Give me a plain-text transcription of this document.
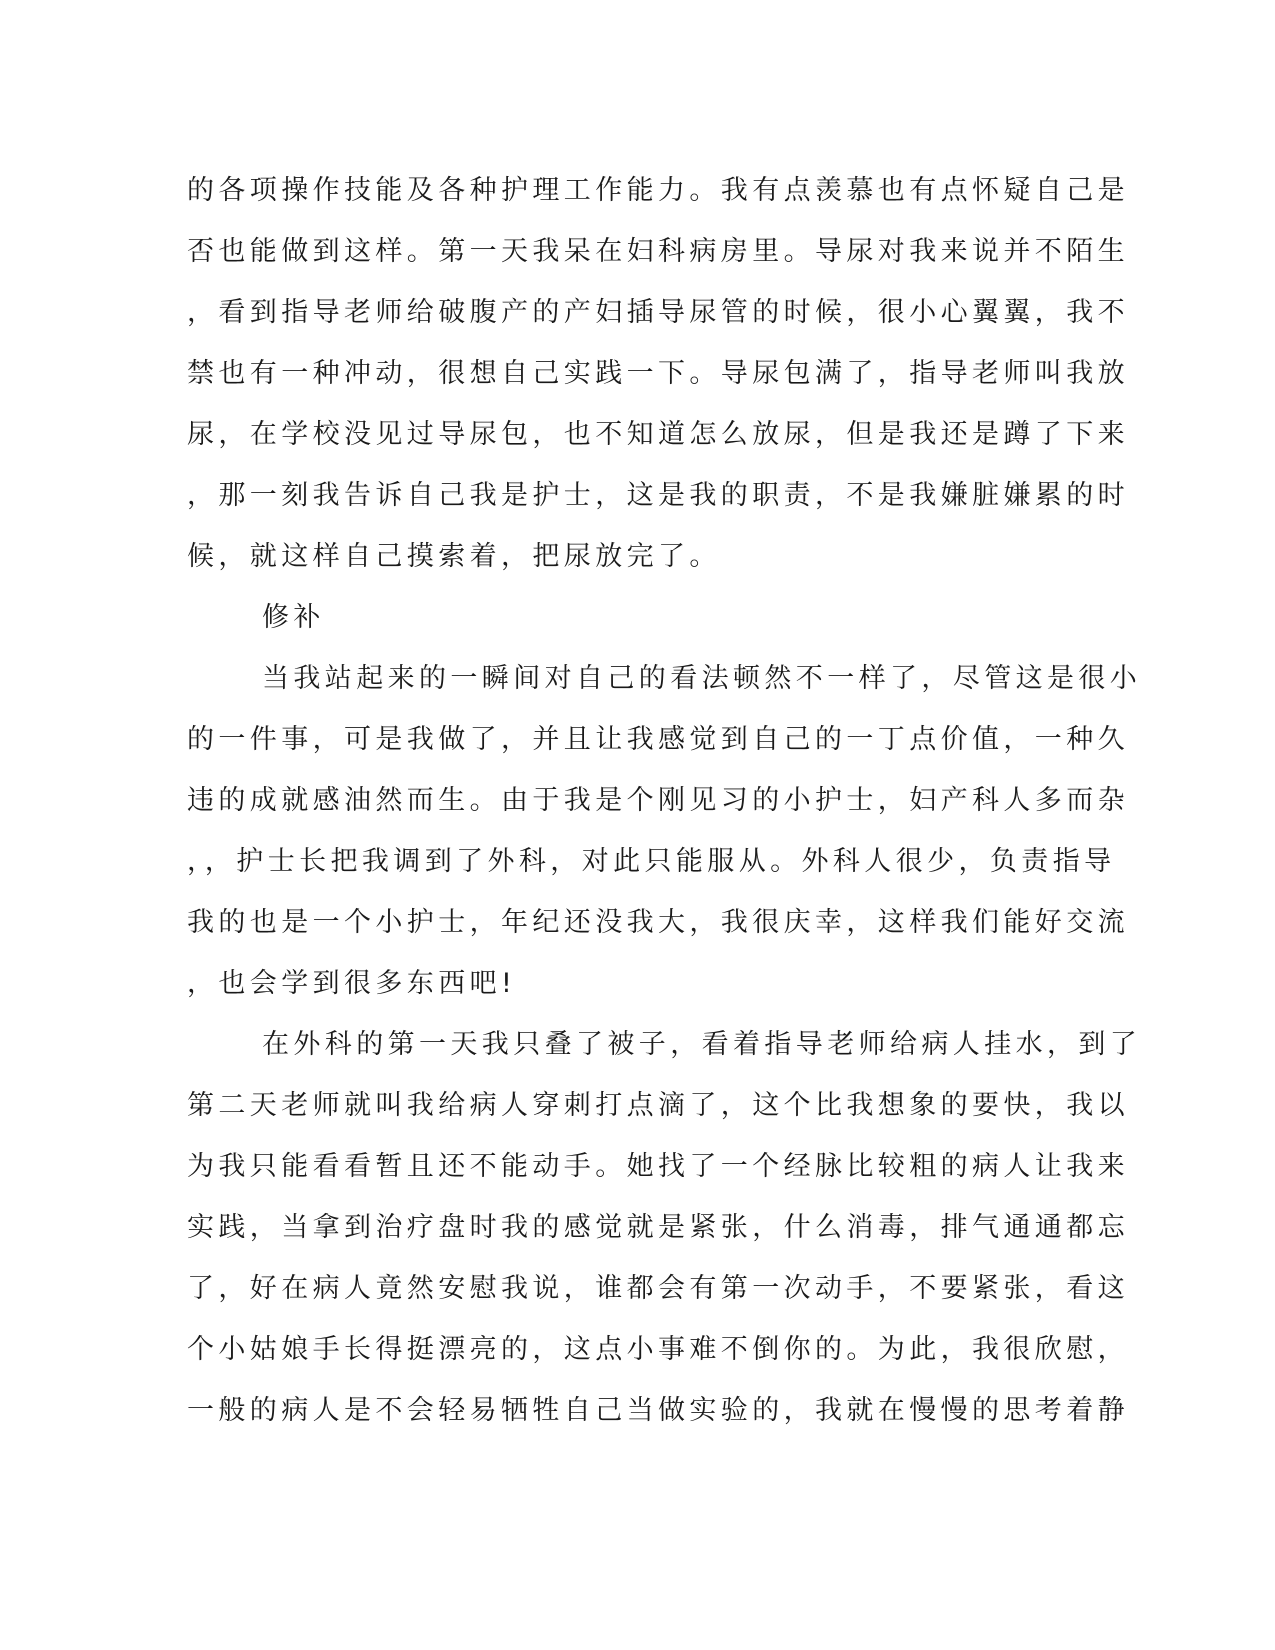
的各项操作技能及各种护理工作能力。我有点羡慕也有点怀疑自己是
否也能做到这样。第一天我呆在妇科病房里。导尿对我来说并不陌生
，看到指导老师给破腹产的产妇插导尿管的时候，很小心翼翼，我不
禁也有一种冲动，很想自己实践一下。导尿包满了，指导老师叫我放
尿，在学校没见过导尿包，也不知道怎么放尿，但是我还是蹲了下来
，那一刻我告诉自己我是护士，这是我的职责，不是我嫌脏嫌累的时
候，就这样自己摸索着，把尿放完了。
修补
当我站起来的一瞬间对自己的看法顿然不一样了，尽管这是很小
的一件事，可是我做了，并且让我感觉到自己的一丁点价值，一种久
违的成就感油然而生。由于我是个刚见习的小护士，妇产科人多而杂
，，护士长把我调到了外科，对此只能服从。外科人很少，负责指导
我的也是一个小护士，年纪还没我大，我很庆幸，这样我们能好交流
，也会学到很多东西吧!
在外科的第一天我只叠了被子，看着指导老师给病人挂水，到了
第二天老师就叫我给病人穿刺打点滴了，这个比我想象的要快，我以
为我只能看看暂且还不能动手。她找了一个经脉比较粗的病人让我来
实践，当拿到治疗盘时我的感觉就是紧张，什么消毒，排气通通都忘
了，好在病人竟然安慰我说，谁都会有第一次动手，不要紧张，看这
个小姑娘手长得挺漂亮的，这点小事难不倒你的。为此，我很欣慰，
一般的病人是不会轻易牺牲自己当做实验的，我就在慢慢的思考着静
